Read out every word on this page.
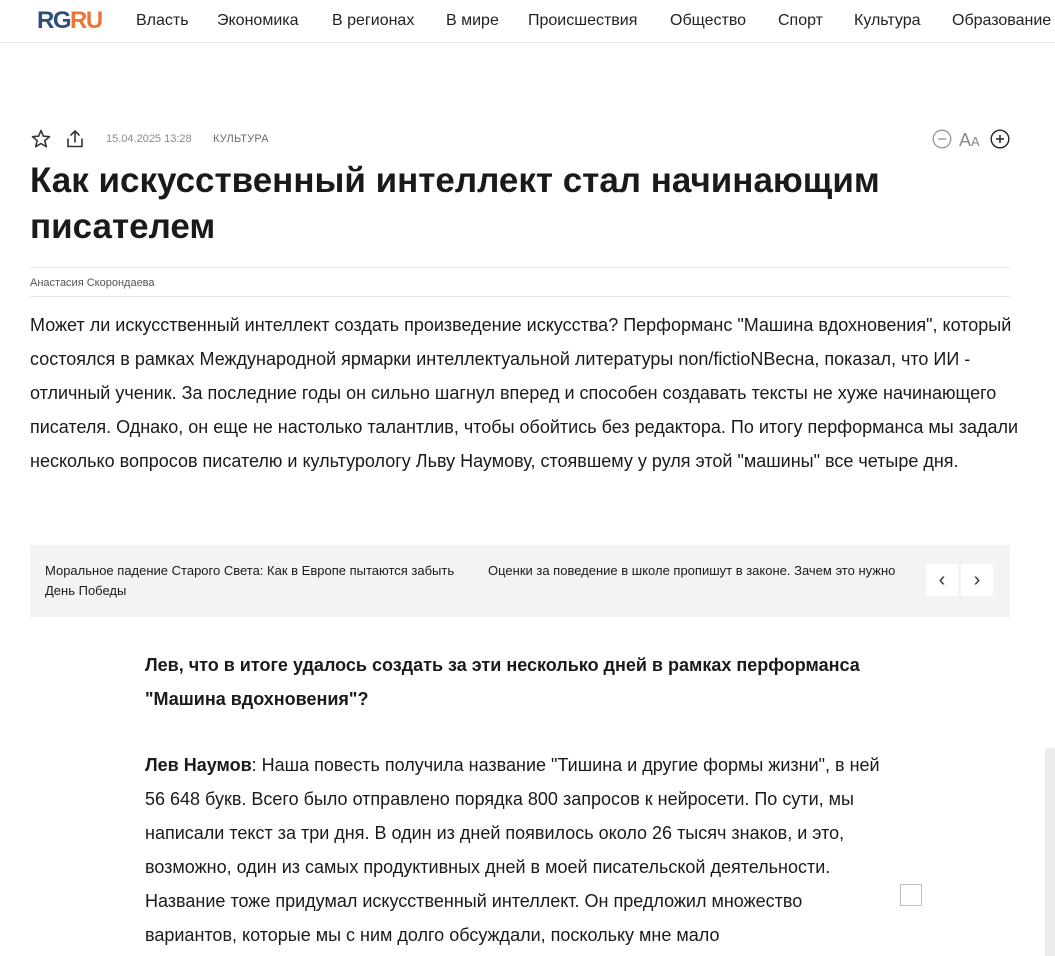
RGRU Власть Экономика В регионах В мире Происшествия Общество Спорт Культура Образование
15.04.2025 13:28 КУЛЬТУРА	AA
Как искусственный интеллект стал начинающим писателем
Анастасия Скорондаева

Может ли искусственный интеллект создать произведение искусства? Перформанс "Машина вдохновения", который состоялся в рамках Международной ярмарки интеллектуальной литературы non/fictioNВесна, показал, что ИИ - отличный ученик. За последние годы он сильно шагнул вперед и способен создавать тексты не хуже начинающего писателя. Однако, он еще не настолько талантлив, чтобы обойтись без редактора. По итогу перформанса мы задали несколько вопросов писателю и культурологу Льву Наумову, стоявшему у руля этой "машины" все четыре дня.

Моральное падение Старого Света: Как в Европе пытаются забыть День Победы
Оценки за поведение в школе пропишут в законе. Зачем это нужно	‹	›

Лев, что в итоге удалось создать за эти несколько дней в рамках перформанса "Машина вдохновения"?

Лев Наумов: Наша повесть получила название "Тишина и другие формы жизни", в ней 56 648 букв. Всего было отправлено порядка 800 запросов к нейросети. По сути, мы написали текст за три дня. В один из дней появилось около 26 тысяч знаков, и это, возможно, один из самых продуктивных дней в моей писательской деятельности. Название тоже придумал искусственный интеллект. Он предложил множество вариантов, которые мы с ним долго обсуждали, поскольку мне мало
